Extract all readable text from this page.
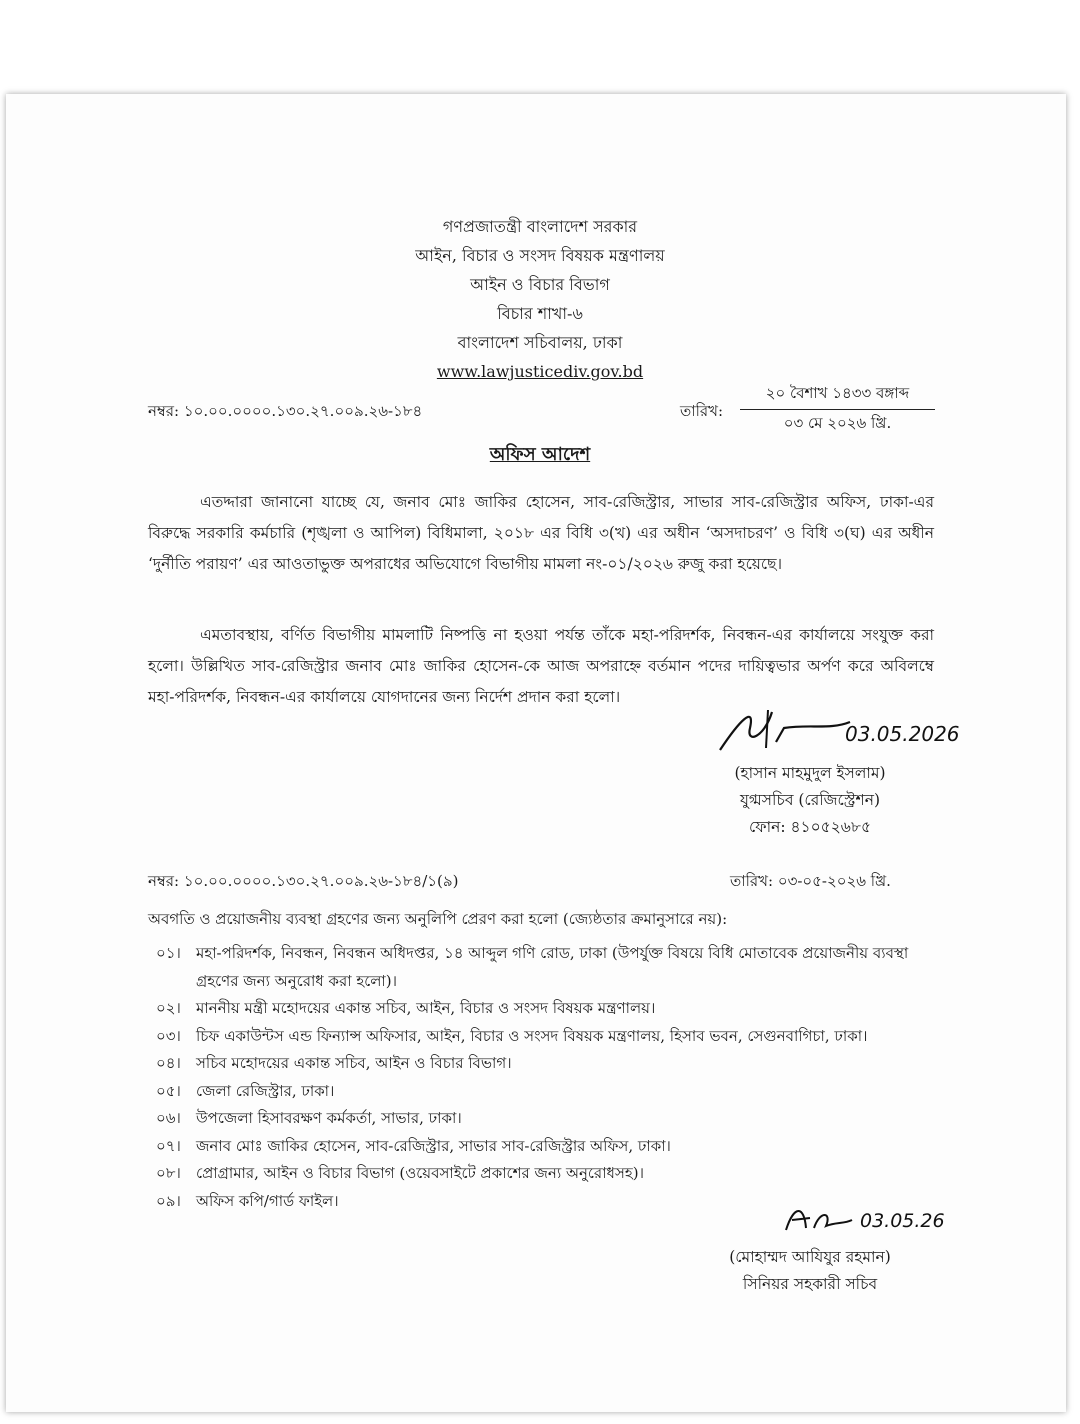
গণপ্রজাতন্ত্রী বাংলাদেশ সরকার
আইন, বিচার ও সংসদ বিষয়ক মন্ত্রণালয়
আইন ও বিচার বিভাগ
বিচার শাখা-৬
বাংলাদেশ সচিবালয়, ঢাকা
www.lawjusticediv.gov.bd
নম্বর: ১০.০০.০০০০.১৩০.২৭.০০৯.২৬-১৮৪	তারিখ:
২০ বৈশাখ ১৪৩৩ বঙ্গাব্দ
০৩ মে ২০২৬ খ্রি.
অফিস আদেশ
এতদ্দারা জানানো যাচ্ছে যে, জনাব মোঃ জাকির হোসেন, সাব-রেজিস্ট্রার, সাভার সাব-রেজিস্ট্রার অফিস, ঢাকা-এর বিরুদ্ধে সরকারি কর্মচারি (শৃঙ্খলা ও আপিল) বিধিমালা, ২০১৮ এর বিধি ৩(খ) এর অধীন ‘অসদাচরণ’ ও বিধি ৩(ঘ) এর অধীন ‘দুর্নীতি পরায়ণ’ এর আওতাভুক্ত অপরাধের অভিযোগে বিভাগীয় মামলা নং-০১/২০২৬ রুজু করা হয়েছে।
এমতাবস্থায়, বর্ণিত বিভাগীয় মামলাটি নিষ্পত্তি না হওয়া পর্যন্ত তাঁকে মহা-পরিদর্শক, নিবন্ধন-এর কার্যালয়ে সংযুক্ত করা হলো। উল্লিখিত সাব-রেজিস্ট্রার জনাব মোঃ জাকির হোসেন-কে আজ অপরাহ্নে বর্তমান পদের দায়িত্বভার অর্পণ করে অবিলম্বে মহা-পরিদর্শক, নিবন্ধন-এর কার্যালয়ে যোগদানের জন্য নির্দেশ প্রদান করা হলো।
03.05.2026
(হাসান মাহমুদুল ইসলাম)
যুগ্মসচিব (রেজিস্ট্রেশন)
ফোন: ৪১০৫২৬৮৫
নম্বর: ১০.০০.০০০০.১৩০.২৭.০০৯.২৬-১৮৪/১(৯)	তারিখ: ০৩-০৫-২০২৬ খ্রি.
অবগতি ও প্রয়োজনীয় ব্যবস্থা গ্রহণের জন্য অনুলিপি প্রেরণ করা হলো (জ্যেষ্ঠতার ক্রমানুসারে নয়):
০১।	মহা-পরিদর্শক, নিবন্ধন, নিবন্ধন অধিদপ্তর, ১৪ আব্দুল গণি রোড, ঢাকা (উপর্যুক্ত বিষয়ে বিধি মোতাবেক প্রয়োজনীয় ব্যবস্থা গ্রহণের জন্য অনুরোধ করা হলো)।
০২।	মাননীয় মন্ত্রী মহোদয়ের একান্ত সচিব, আইন, বিচার ও সংসদ বিষয়ক মন্ত্রণালয়।
০৩।	চিফ একাউন্টস এন্ড ফিন্যান্স অফিসার, আইন, বিচার ও সংসদ বিষয়ক মন্ত্রণালয়, হিসাব ভবন, সেগুনবাগিচা, ঢাকা।
০৪।	সচিব মহোদয়ের একান্ত সচিব, আইন ও বিচার বিভাগ।
০৫।	জেলা রেজিস্ট্রার, ঢাকা।
০৬।	উপজেলা হিসাবরক্ষণ কর্মকর্তা, সাভার, ঢাকা।
০৭।	জনাব মোঃ জাকির হোসেন, সাব-রেজিস্ট্রার, সাভার সাব-রেজিস্ট্রার অফিস, ঢাকা।
০৮।	প্রোগ্রামার, আইন ও বিচার বিভাগ (ওয়েবসাইটে প্রকাশের জন্য অনুরোধসহ)।
০৯।	অফিস কপি/গার্ড ফাইল।
03.05.26
(মোহাম্মদ আযিযুর রহমান)
সিনিয়র সহকারী সচিব
